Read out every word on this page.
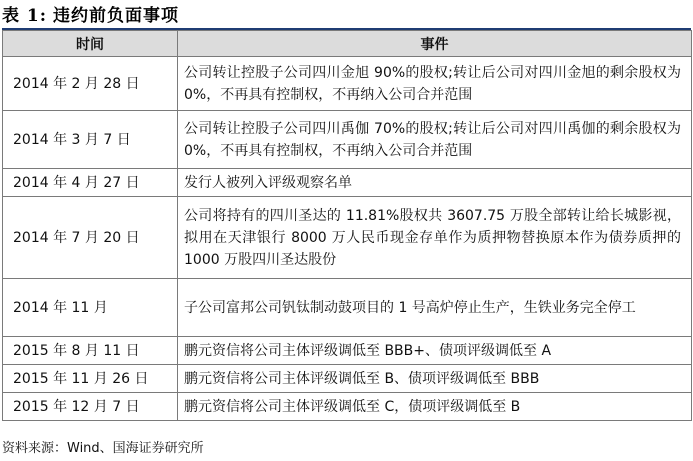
表 1: 违约前负面事项
时间	事件
2014 年 2 月 28 日	公司转让控股子公司四川金旭 90%的股权;转让后公司对四川金旭的剩余股权为 0%，不再具有控制权，不再纳入公司合并范围
2014 年 3 月 7 日	公司转让控股子公司四川禹伽 70%的股权;转让后公司对四川禹伽的剩余股权为 0%，不再具有控制权，不再纳入公司合并范围
2014 年 4 月 27 日	发行人被列入评级观察名单
2014 年 7 月 20 日	公司将持有的四川圣达的 11.81%股权共 3607.75 万股全部转让给长城影视，拟用在天津银行 8000 万人民币现金存单作为质押物替换原本作为债券质押的 1000 万股四川圣达股份
2014 年 11 月	子公司富邦公司钒钛制动鼓项目的 1 号高炉停止生产，生铁业务完全停工
2015 年 8 月 11 日	鹏元资信将公司主体评级调低至 BBB+、债项评级调低至 A
2015 年 11 月 26 日	鹏元资信将公司主体评级调低至 B、债项评级调低至 BBB
2015 年 12 月 7 日	鹏元资信将公司主体评级调低至 C，债项评级调低至 B
资料来源：Wind、国海证券研究所
